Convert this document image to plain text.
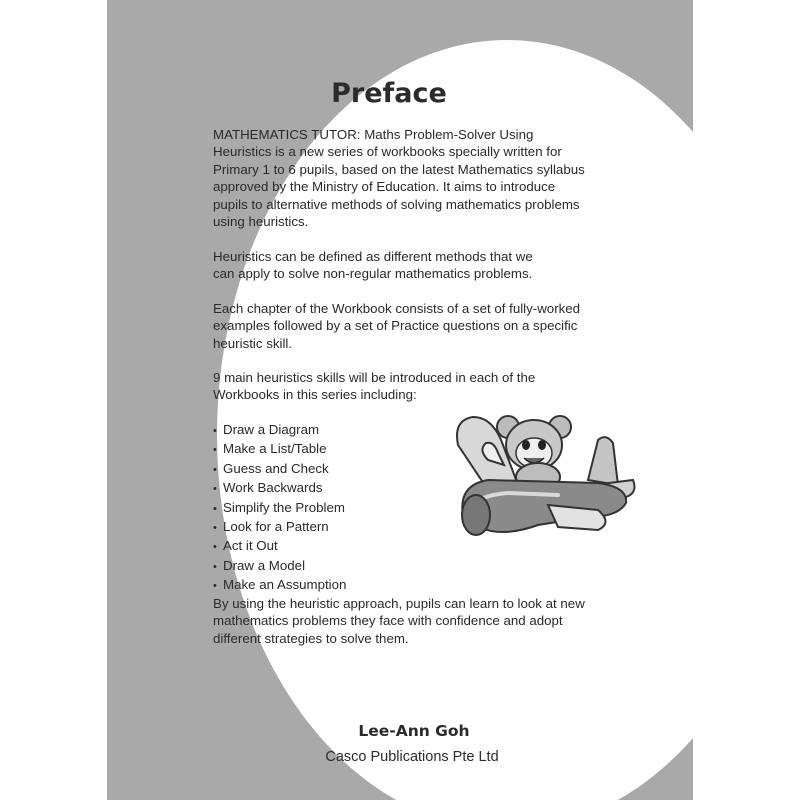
Preface

MATHEMATICS TUTOR: Maths Problem-Solver Using Heuristics is a new series of workbooks specially written for Primary 1 to 6 pupils, based on the latest Mathematics syllabus approved by the Ministry of Education. It aims to introduce pupils to alternative methods of solving mathematics problems using heuristics.

Heuristics can be defined as different methods that we can apply to solve non-regular mathematics problems.

Each chapter of the Workbook consists of a set of fully-worked examples followed by a set of Practice questions on a specific heuristic skill.

9 main heuristics skills will be introduced in each of the Workbooks in this series including:

• Draw a Diagram
• Make a List/Table
• Guess and Check
• Work Backwards
• Simplify the Problem
• Look for a Pattern
• Act it Out
• Draw a Model
• Make an Assumption

By using the heuristic approach, pupils can learn to look at new mathematics problems they face with confidence and adopt different strategies to solve them.

Lee-Ann Goh
Casco Publications Pte Ltd
